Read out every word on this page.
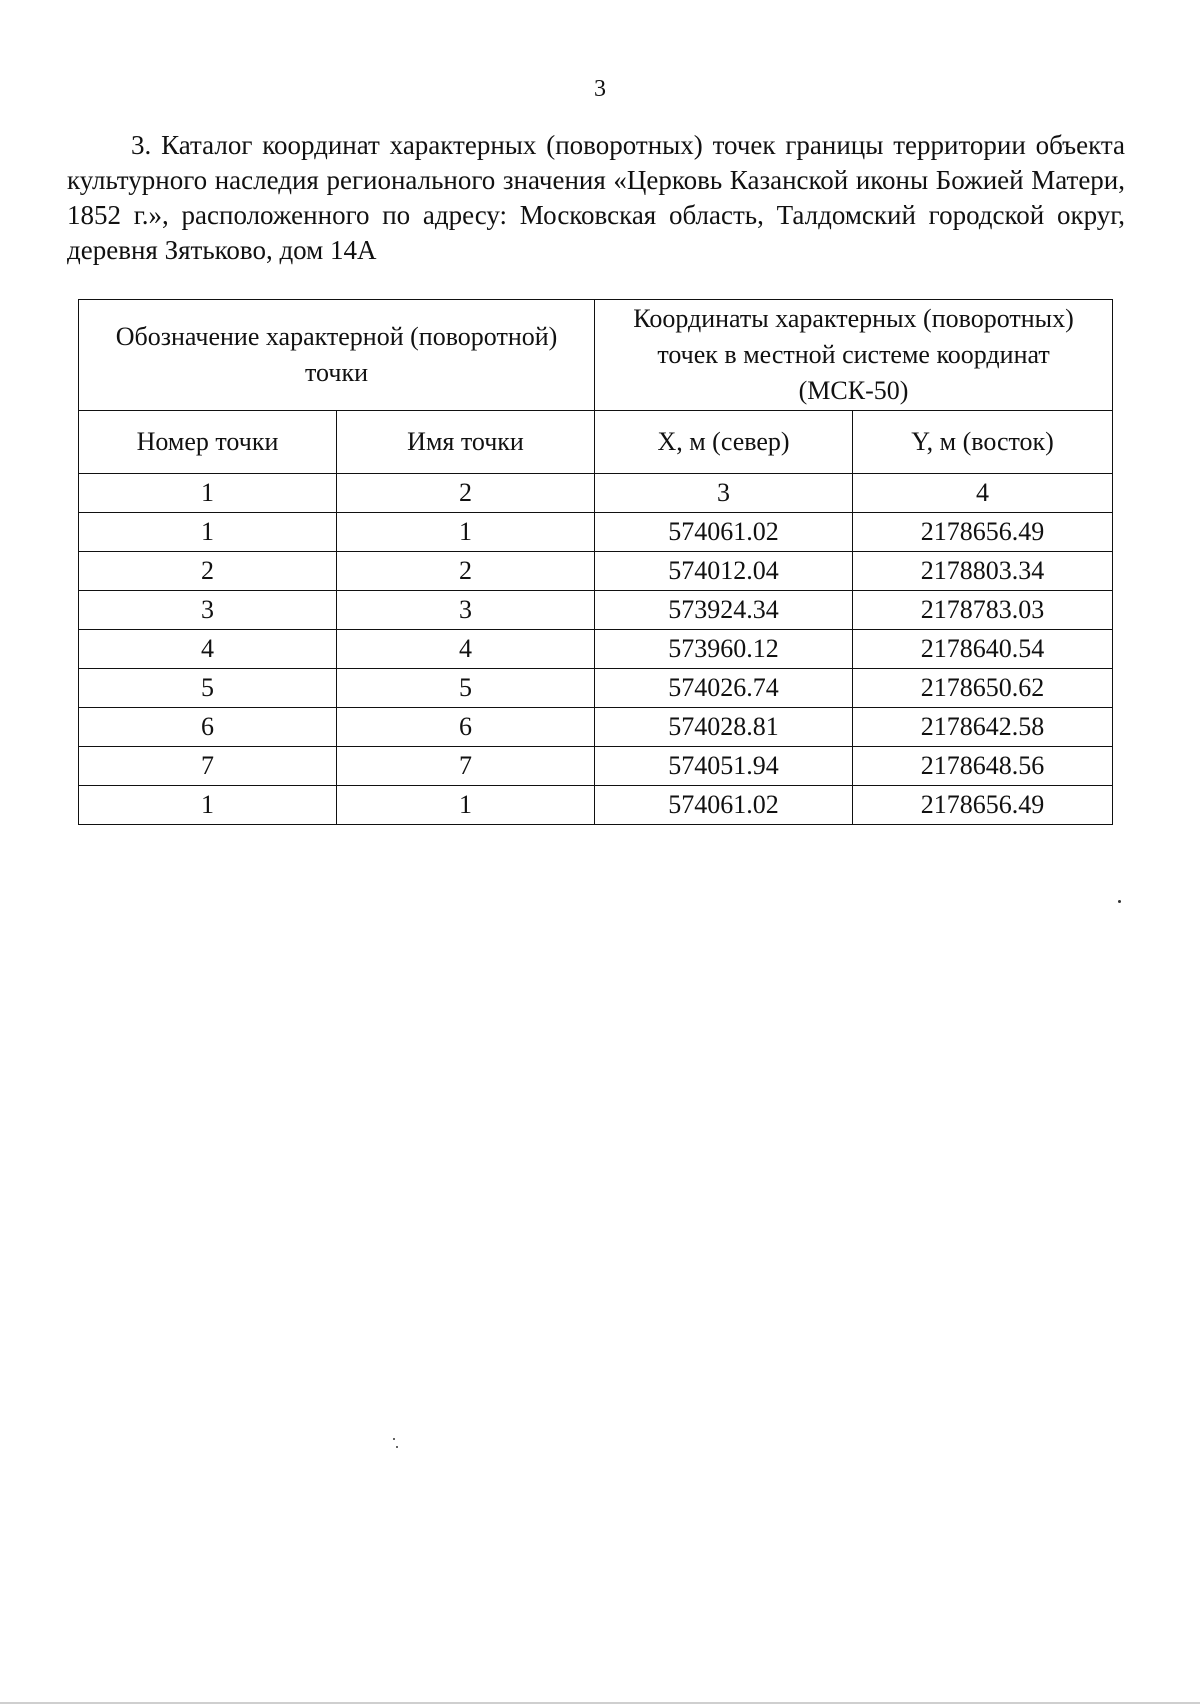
3

3. Каталог координат характерных (поворотных) точек границы территории объекта культурного наследия регионального значения «Церковь Казанской иконы Божией Матери, 1852 г.», расположенного по адресу: Московская область, Талдомский городской округ, деревня Зятьково, дом 14А

Обозначение характерной (поворотной) точки		Координаты характерных (поворотных) точек в местной системе координат (МСК-50)	
Номер точки	Имя точки	X, м (север)	Y, м (восток)
1	2	3	4
1	1	574061.02	2178656.49
2	2	574012.04	2178803.34
3	3	573924.34	2178783.03
4	4	573960.12	2178640.54
5	5	574026.74	2178650.62
6	6	574028.81	2178642.58
7	7	574051.94	2178648.56
1	1	574061.02	2178656.49
